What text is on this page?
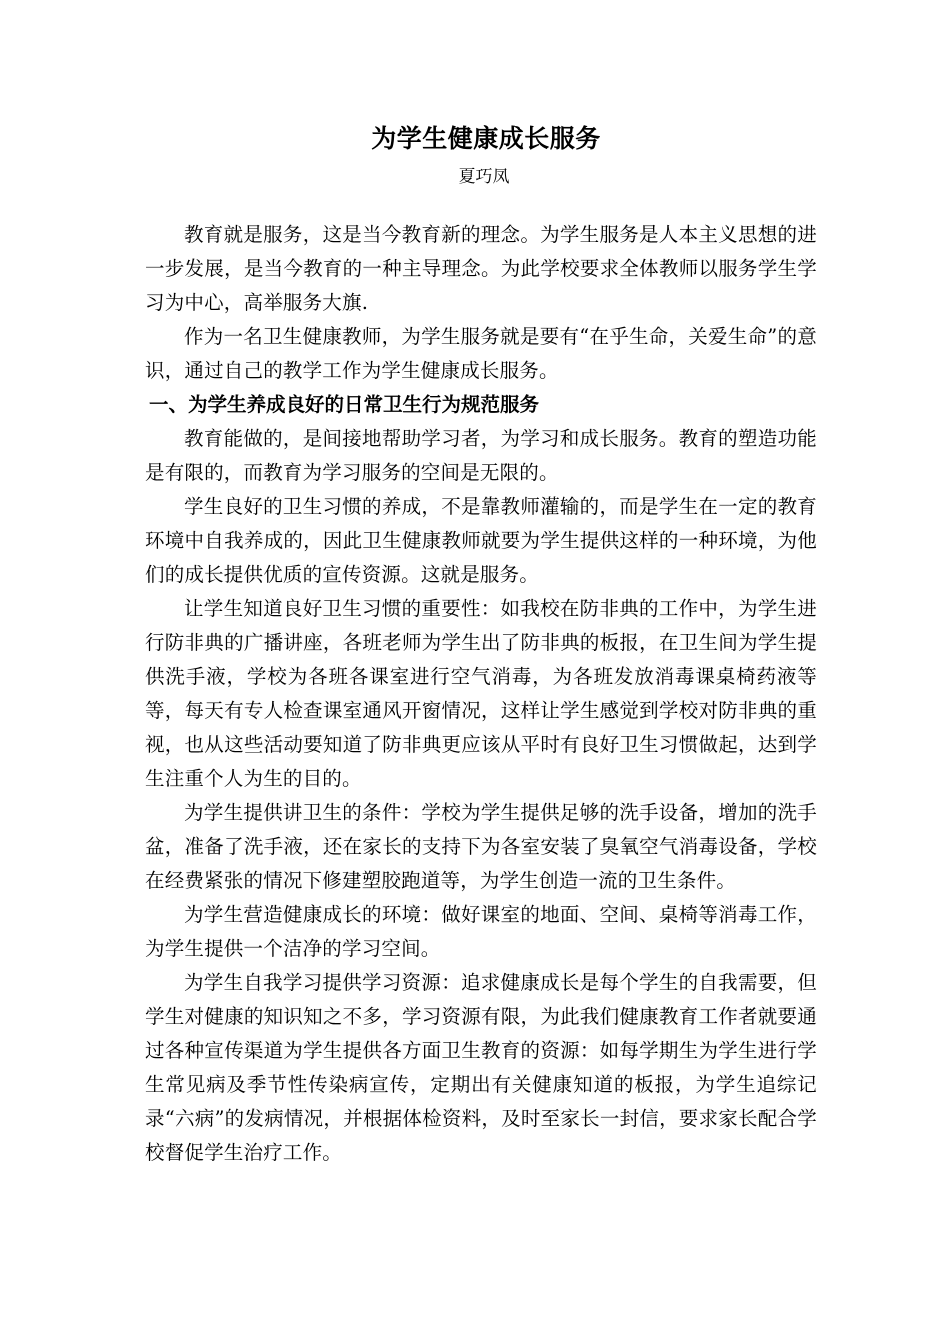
为学生健康成长服务

夏巧凤

教育就是服务，这是当今教育新的理念。为学生服务是人本主义思想的进一步发展，是当今教育的一种主导理念。为此学校要求全体教师以服务学生学习为中心，高举服务大旗.

作为一名卫生健康教师，为学生服务就是要有“在乎生命，关爱生命”的意识，通过自己的教学工作为学生健康成长服务。

一、为学生养成良好的日常卫生行为规范服务

教育能做的，是间接地帮助学习者，为学习和成长服务。教育的塑造功能是有限的，而教育为学习服务的空间是无限的。

学生良好的卫生习惯的养成，不是靠教师灌输的，而是学生在一定的教育环境中自我养成的，因此卫生健康教师就要为学生提供这样的一种环境，为他们的成长提供优质的宣传资源。这就是服务。

让学生知道良好卫生习惯的重要性：如我校在防非典的工作中，为学生进行防非典的广播讲座，各班老师为学生出了防非典的板报，在卫生间为学生提供洗手液，学校为各班各课室进行空气消毒，为各班发放消毒课桌椅药液等等，每天有专人检查课室通风开窗情况，这样让学生感觉到学校对防非典的重视，也从这些活动要知道了防非典更应该从平时有良好卫生习惯做起，达到学生注重个人为生的目的。

为学生提供讲卫生的条件：学校为学生提供足够的洗手设备，增加的洗手盆，准备了洗手液，还在家长的支持下为各室安装了臭氧空气消毒设备，学校在经费紧张的情况下修建塑胶跑道等，为学生创造一流的卫生条件。

为学生营造健康成长的环境：做好课室的地面、空间、桌椅等消毒工作，为学生提供一个洁净的学习空间。

为学生自我学习提供学习资源：追求健康成长是每个学生的自我需要，但学生对健康的知识知之不多，学习资源有限，为此我们健康教育工作者就要通过各种宣传渠道为学生提供各方面卫生教育的资源：如每学期生为学生进行学生常见病及季节性传染病宣传，定期出有关健康知道的板报，为学生追综记录“六病”的发病情况，并根据体检资料，及时至家长一封信，要求家长配合学校督促学生治疗工作。
